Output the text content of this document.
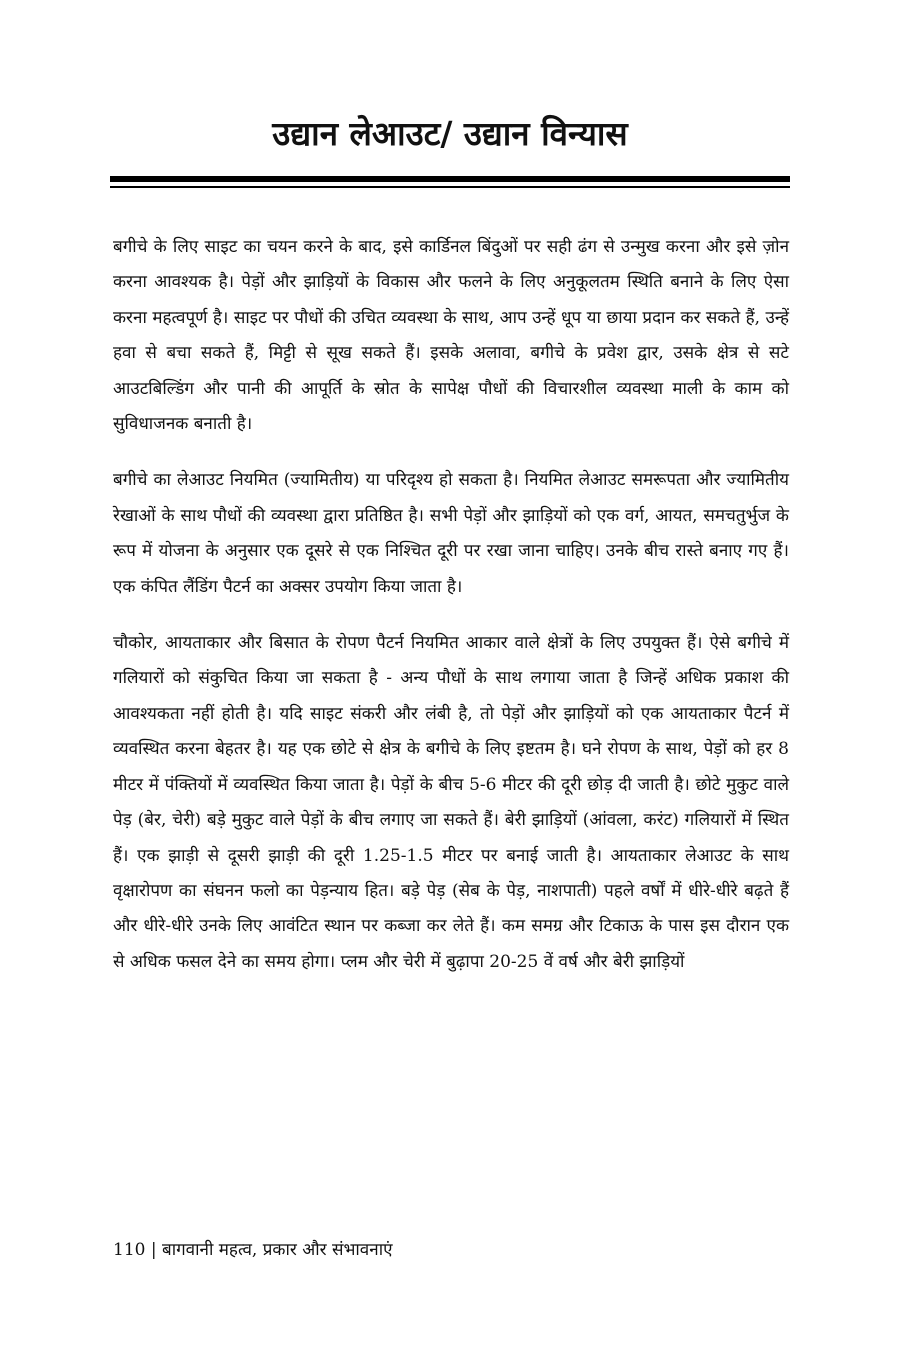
उद्यान लेआउट/ उद्यान विन्यास

बगीचे के लिए साइट का चयन करने के बाद, इसे कार्डिनल बिंदुओं पर सही ढंग से उन्मुख करना और इसे ज़ोन करना आवश्यक है। पेड़ों और झाड़ियों के विकास और फलने के लिए अनुकूलतम स्थिति बनाने के लिए ऐसा करना महत्वपूर्ण है। साइट पर पौधों की उचित व्यवस्था के साथ, आप उन्हें धूप या छाया प्रदान कर सकते हैं, उन्हें हवा से बचा सकते हैं, मिट्टी से सूख सकते हैं। इसके अलावा, बगीचे के प्रवेश द्वार, उसके क्षेत्र से सटे आउटबिल्डिंग और पानी की आपूर्ति के स्रोत के सापेक्ष पौधों की विचारशील व्यवस्था माली के काम को सुविधाजनक बनाती है।

बगीचे का लेआउट नियमित (ज्यामितीय) या परिदृश्य हो सकता है। नियमित लेआउट समरूपता और ज्यामितीय रेखाओं के साथ पौधों की व्यवस्था द्वारा प्रतिष्ठित है। सभी पेड़ों और झाड़ियों को एक वर्ग, आयत, समचतुर्भुज के रूप में योजना के अनुसार एक दूसरे से एक निश्चित दूरी पर रखा जाना चाहिए। उनके बीच रास्ते बनाए गए हैं। एक कंपित लैंडिंग पैटर्न का अक्सर उपयोग किया जाता है।

चौकोर, आयताकार और बिसात के रोपण पैटर्न नियमित आकार वाले क्षेत्रों के लिए उपयुक्त हैं। ऐसे बगीचे में गलियारों को संकुचित किया जा सकता है - अन्य पौधों के साथ लगाया जाता है जिन्हें अधिक प्रकाश की आवश्यकता नहीं होती है। यदि साइट संकरी और लंबी है, तो पेड़ों और झाड़ियों को एक आयताकार पैटर्न में व्यवस्थित करना बेहतर है। यह एक छोटे से क्षेत्र के बगीचे के लिए इष्टतम है। घने रोपण के साथ, पेड़ों को हर 8 मीटर में पंक्तियों में व्यवस्थित किया जाता है। पेड़ों के बीच 5-6 मीटर की दूरी छोड़ दी जाती है। छोटे मुकुट वाले पेड़ (बेर, चेरी) बड़े मुकुट वाले पेड़ों के बीच लगाए जा सकते हैं। बेरी झाड़ियों (आंवला, करंट) गलियारों में स्थित हैं। एक झाड़ी से दूसरी झाड़ी की दूरी 1.25-1.5 मीटर पर बनाई जाती है। आयताकार लेआउट के साथ वृक्षारोपण का संघनन फलो का पेड़न्याय हित। बड़े पेड़ (सेब के पेड़, नाशपाती) पहले वर्षों में धीरे-धीरे बढ़ते हैं और धीरे-धीरे उनके लिए आवंटित स्थान पर कब्जा कर लेते हैं। कम समग्र और टिकाऊ के पास इस दौरान एक से अधिक फसल देने का समय होगा। प्लम और चेरी में बुढ़ापा 20-25 वें वर्ष और बेरी झाड़ियों

110 | बागवानी महत्व, प्रकार और संभावनाएं
